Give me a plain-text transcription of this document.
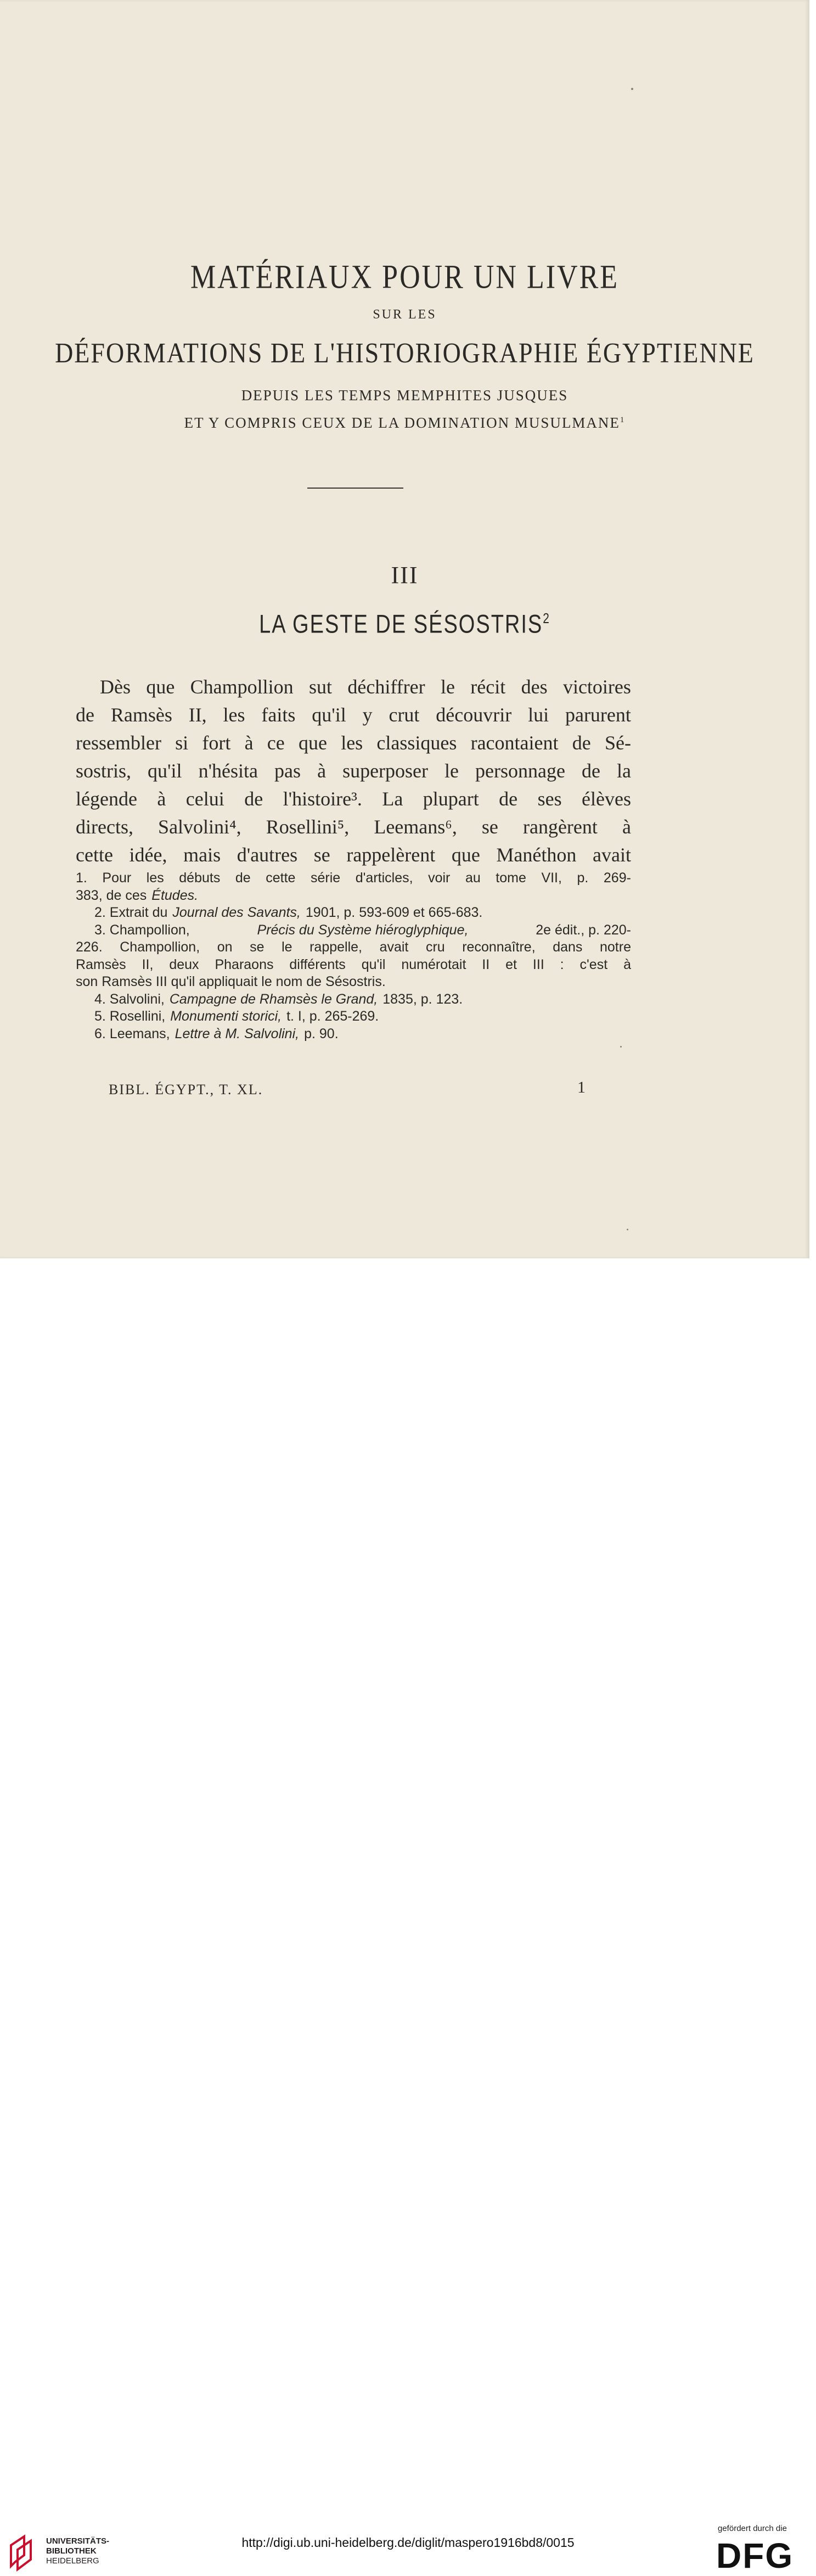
MATÉRIAUX POUR UN LIVRE
SUR LES
DÉFORMATIONS DE L'HISTORIOGRAPHIE ÉGYPTIENNE
DEPUIS LES TEMPS MEMPHITES JUSQUES
ET Y COMPRIS CEUX DE LA DOMINATION MUSULMANE$^1$
III
LA GESTE DE SÉSOSTRIS$^2$
Dès que Champollion sut déchiffrer le récit des victoires
de Ramsès II, les faits qu'il y crut découvrir lui parurent
ressembler si fort à ce que les classiques racontaient de Sé-
sostris, qu'il n'hésita pas à superposer le personnage de la
légende à celui de l'histoire³. La plupart de ses élèves
directs, Salvolini⁴, Rosellini⁵, Leemans⁶, se rangèrent à
cette idée, mais d'autres se rappelèrent que Manéthon avait
1. Pour les débuts de cette série d'articles, voir au tome VII, p. 269-
383, de ces Études.
2. Extrait du Journal des Savants, 1901, p. 593-609 et 665-683.
3. Champollion,	Précis du Système hiéroglyphique,	2e édit., p. 220-
226. Champollion, on se le rappelle, avait cru reconnaître, dans notre
Ramsès II, deux Pharaons différents qu'il numérotait II et III : c'est à
son Ramsès III qu'il appliquait le nom de Sésostris.
4. Salvolini, Campagne de Rhamsès le Grand, 1835, p. 123.
5. Rosellini, Monumenti storici, t. I, p. 265-269.
6. Leemans, Lettre à M. Salvolini, p. 90.
BIBL. ÉGYPT., T. XL.	1
UNIVERSITÄTS-
BIBLIOTHEK
HEIDELBERG
http://digi.ub.uni-heidelberg.de/diglit/maspero1916bd8/0015
gefördert durch die
DFG
